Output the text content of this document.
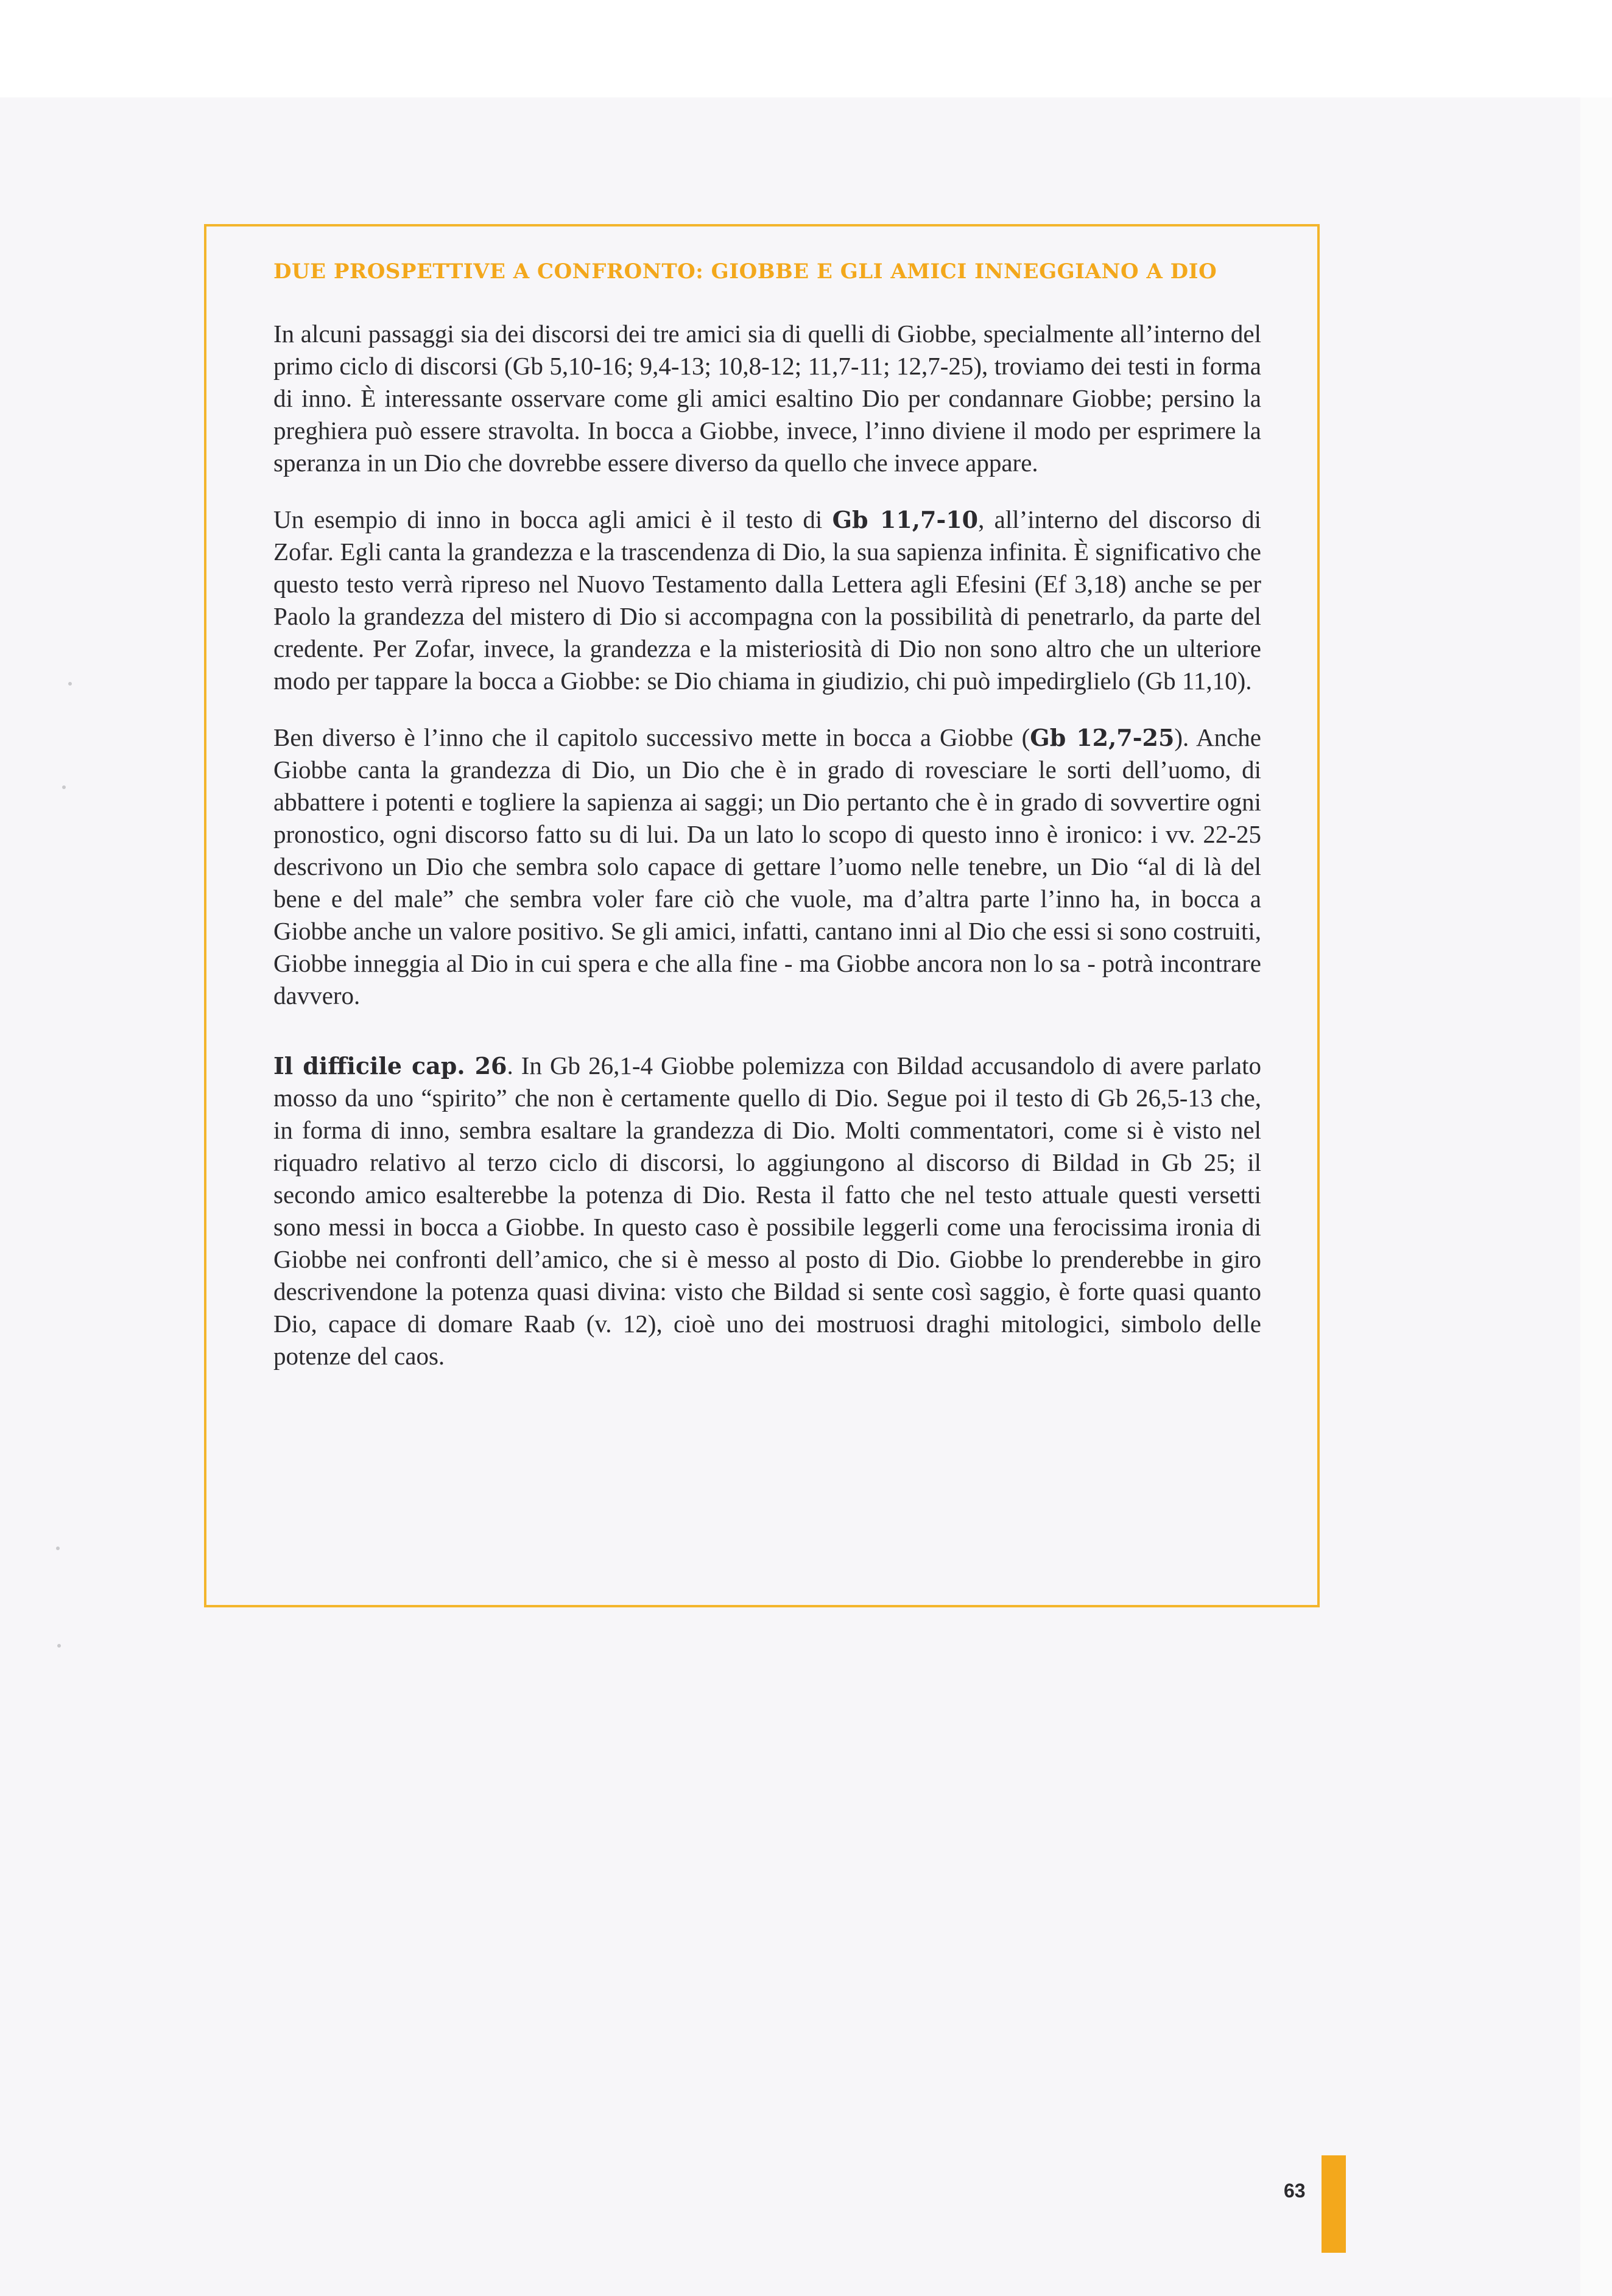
DUE PROSPETTIVE A CONFRONTO: GIOBBE E GLI AMICI INNEGGIANO A DIO

In alcuni passaggi sia dei discorsi dei tre amici sia di quelli di Giobbe, specialmente all’interno del primo ciclo di discorsi (Gb 5,10-16; 9,4-13; 10,8-12; 11,7-11; 12,7-25), troviamo dei testi in forma di inno. È interessante osservare come gli amici esaltino Dio per condannare Giobbe; persino la preghiera può essere stravolta. In bocca a Giobbe, invece, l’inno diviene il modo per esprimere la speranza in un Dio che dovrebbe essere diverso da quello che invece appare.

Un esempio di inno in bocca agli amici è il testo di Gb 11,7-10, all’interno del discorso di Zofar. Egli canta la grandezza e la trascendenza di Dio, la sua sapienza infinita. È significativo che questo testo verrà ripreso nel Nuovo Testamento dalla Lettera agli Efesini (Ef 3,18) anche se per Paolo la grandezza del mistero di Dio si accompagna con la possibilità di penetrarlo, da parte del credente. Per Zofar, invece, la grandezza e la misteriosità di Dio non sono altro che un ulteriore modo per tappare la bocca a Giobbe: se Dio chiama in giudizio, chi può impedirglielo (Gb 11,10).

Ben diverso è l’inno che il capitolo successivo mette in bocca a Giobbe (Gb 12,7-25). Anche Giobbe canta la grandezza di Dio, un Dio che è in grado di rovesciare le sorti dell’uomo, di abbattere i potenti e togliere la sapienza ai saggi; un Dio pertanto che è in grado di sovvertire ogni pronostico, ogni discorso fatto su di lui. Da un lato lo scopo di questo inno è ironico: i vv. 22-25 descrivono un Dio che sembra solo capace di gettare l’uomo nelle tenebre, un Dio “al di là del bene e del male” che sembra voler fare ciò che vuole, ma d’altra parte l’inno ha, in bocca a Giobbe anche un valore positivo. Se gli amici, infatti, cantano inni al Dio che essi si sono costruiti, Giobbe inneggia al Dio in cui spera e che alla fine - ma Giobbe ancora non lo sa - potrà incontrare davvero.

Il difficile cap. 26. In Gb 26,1-4 Giobbe polemizza con Bildad accusandolo di avere parlato mosso da uno “spirito” che non è certamente quello di Dio. Segue poi il testo di Gb 26,5-13 che, in forma di inno, sembra esaltare la grandezza di Dio. Molti commentatori, come si è visto nel riquadro relativo al terzo ciclo di discorsi, lo aggiungono al discorso di Bildad in Gb 25; il secondo amico esalterebbe la potenza di Dio. Resta il fatto che nel testo attuale questi versetti sono messi in bocca a Giobbe. In questo caso è possibile leggerli come una ferocissima ironia di Giobbe nei confronti dell’amico, che si è messo al posto di Dio. Giobbe lo prenderebbe in giro descrivendone la potenza quasi divina: visto che Bildad si sente così saggio, è forte quasi quanto Dio, capace di domare Raab (v. 12), cioè uno dei mostruosi draghi mitologici, simbolo delle potenze del caos.

63
